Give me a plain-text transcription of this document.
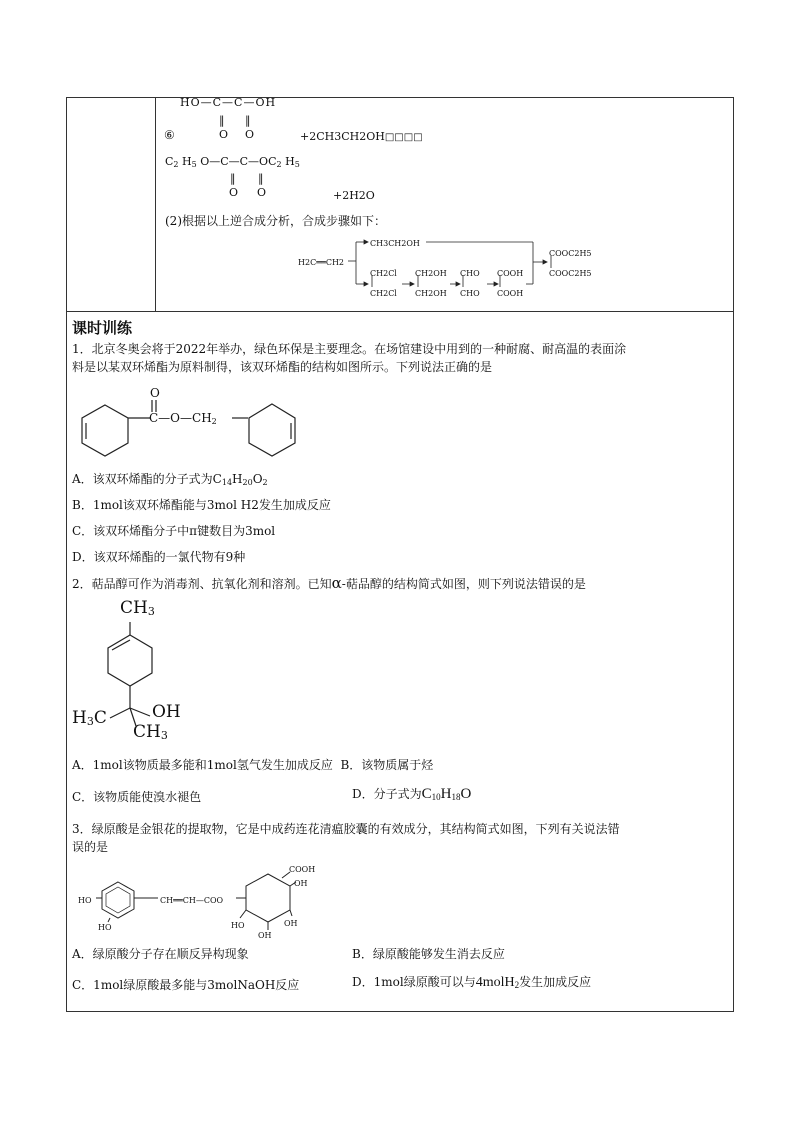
HO—C—C—OH
‖ ‖
O O
⑥	+2CH3CH2OH□□□□
$C_2$ $H_5$ $O—C—C—OC_2$ $H_5$
‖ ‖
O O	+2H2O
(2)根据以上逆合成分析，合成步骤如下：
H2C══CH2
CH3CH2OH
COOC2H5
COOC2H5
CH2Cl
CH2Cl
CH2OH
CH2OH
CHO
CHO
COOH
COOH
课时训练
1．北京冬奥会将于2022年举办，绿色环保是主要理念。在场馆建设中用到的一种耐腐、耐高温的表面涂
料是以某双环烯酯为原料制得，该双环烯酯的结构如图所示。下列说法正确的是
O
$C—O—CH_2$
A．该双环烯酯的分子式为$C_{14}H_{20}O_2$
B．1mol该双环烯酯能与3mol H2发生加成反应
C．该双环烯酯分子中π键数目为3mol
D．该双环烯酯的一氯代物有9种
2．萜品醇可作为消毒剂、抗氧化剂和溶剂。已知α-萜品醇的结构简式如图，则下列说法错误的是
$CH_3$
$H_3C$	OH
$CH_3$
A．1mol该物质最多能和1mol氢气发生加成反应 B．该物质属于烃
C．该物质能使溴水褪色	D．分子式为$C_{10}H_{18}O$
3．绿原酸是金银花的提取物，它是中成药连花清瘟胶囊的有效成分，其结构简式如图，下列有关说法错
误的是
HO
HO
CH══CH—COO
COOH
OH
HO
OH
OH
A．绿原酸分子存在顺反异构现象	B．绿原酸能够发生消去反应
C．1mol绿原酸最多能与3molNaOH反应	D．1mol绿原酸可以与4molH$_2$发生加成反应
